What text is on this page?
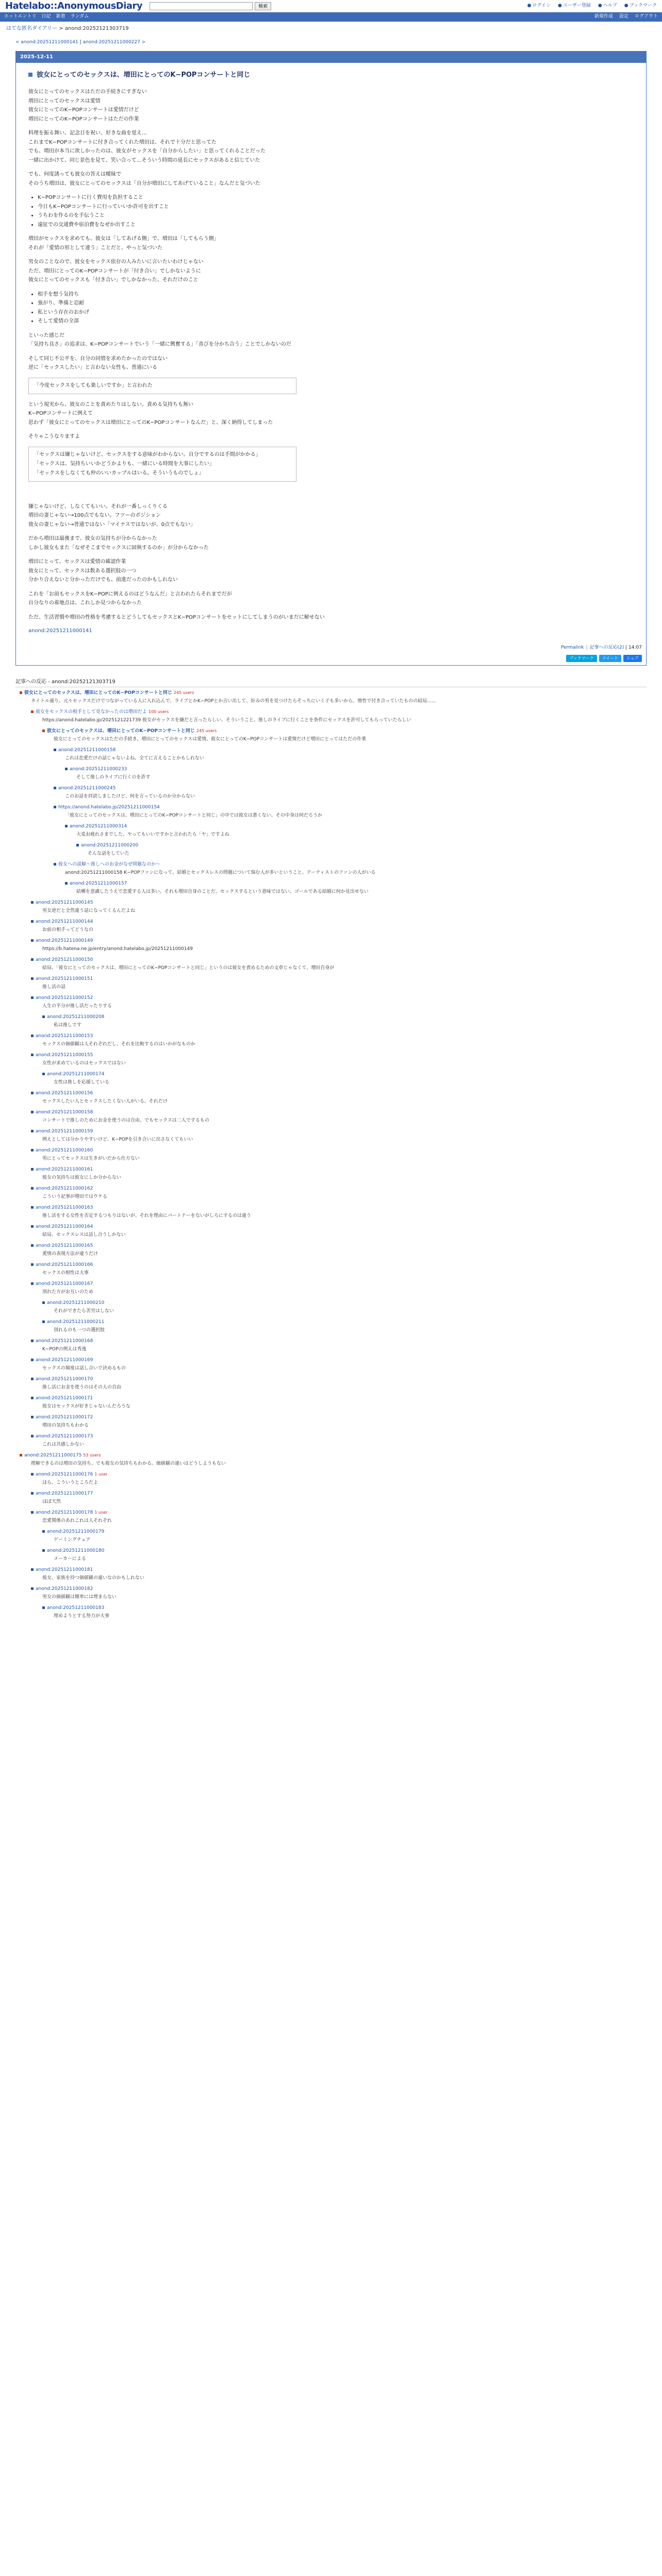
Hatelabo::AnonymousDiary	検索	● ログイン ● ユーザー登録 ● ヘルプ ● ブックマーク
ホットエントリ 日記 新着 ランダム	新規作成 設定 ログアウト
はてな匿名ダイアリー > anond:20252121303719
< anond:20251211000141 | anond:20251211000227 >
2025-12-11
彼女にとってのセックスは、増田にとってのK−POPコンサートと同じ

彼女にとってのセックスはただの手続きにすぎない
増田にとってのセックスは愛情
彼女にとってのK−POPコンサートは愛情だけど
増田にとってのK−POPコンサートはただの作業

料理を振る舞い、記念日を祝い、好きな曲を覚え…
これまでK−POPコンサートに付き合ってくれた増田は、それで十分だと思ってた
でも、増田が本当に欲しかったのは、彼女がセックスを「自分からしたい」と思ってくれることだった
一緒に出かけて、同じ景色を見て、笑い合って…そういう時間の延長にセックスがあると信じていた

でも、何度誘っても彼女の答えは曖昧で
そのうち増田は、彼女にとってのセックスは「自分が増田にしてあげていること」なんだと気づいた

• K−POPコンサートに行く費用を負担すること
• 今日もK−POPコンサートに行っていいか許可を出すこと
• うちわを作るのを手伝うこと
• 遠征での交通費や宿泊費をなぜか出すこと

増田がセックスを求めても、彼女は「してあげる側」で、増田は「してもらう側」
それが「愛情の形として違う」ことだと、やっと気づいた

男女のことなので、彼女をセックス依存の人みたいに言いたいわけじゃない
ただ、増田にとってのK−POPコンサートが「付き合い」でしかないように
彼女にとってのセックスも「付き合い」でしかなかった、それだけのこと

• 相手を想う気持ち
• 強がり、準備と忍耐
• 私という存在のおかげ
• そして愛情の全部

といった感じだ
「気持ち良さ」の追求は、K−POPコンサートでいう「一緒に興奮する」「喜びを分かち合う」ことでしかないのだ

そして同じ不公平を、自分の同情を求めたかったのではない
逆に「セックスしたい」と言わない女性も、普通にいる

「今度セックスをしても楽しいですか」と言われた

という現実から、彼女のことを責めたりはしない。責める気持ちも無い
K−POPコンサートに例えて
思わず「彼女にとってのセックスは増田にとってのK−POPコンサートなんだ」と、深く納得してしまった

そりゃこうなりますよ

「セックスは嫌じゃないけど、セックスをする意味がわからない。自分でするのは手間がかかる」

「セックスは、気持ちいいかどうかよりも、一緒にいる時間を大事にしたい」

「セックスをしなくても仲のいいカップルはいる。そういうものでしょ」

嫌じゃないけど、しなくてもいい。それが一番しっくりくる
増田の妻じゃない→100点でもない。フツーのポジション
彼女の妻じゃない→普通ではない「マイナスではないが、0点でもない」

だから増田は最後まで、彼女の気持ちが分からなかった
しかし彼女もまた「なぜそこまでセックスに固執するのか」が分からなかった

増田にとって、セックスは愛情の確認作業
彼女にとって、セックスは数ある選択肢の一つ
分かり合えないと分かっただけでも、前進だったのかもしれない

これを「お前もセックスをK−POPに例えるのはどうなんだ」と言われたらそれまでだが
自分なりの着地点は、これしか見つからなかった

ただ、生活習慣や増田の性格を考慮するとどうしてもセックスとK−POPコンサートをセットにしてしまうのがいまだに解せない

anond:20251211000141
Permalink | 記事への反応(2) | 14:07
ブックマーク	ツイート	シェア
記事への反応 - anond:20252121303719
彼女にとってのセックスは、増田にとってのK−POPコンサートと同じ 245 users
タイトル通り。元々セックスだけでつながっている人に入れ込んで、ライブとかK−POPとか言い出して、好みの男を見つけたらそっちにいく子も多いから、惰性で付き合っていたものの結局……
彼女をセックスの相手として見なかったのは増田だよ 100 users
https://anond.hatelabo.jp/2025121221739 彼女がセックスを嫌だと言ったらしい、そういうこと。推しのライブに行くことを条件にセックスを許可してもらっていたらしい
彼女にとってのセックスは、増田にとってのK−POPコンサートと同じ 245 users
彼女にとってのセックスはただの手続き、増田にとってのセックスは愛情。彼女にとってのK−POPコンサートは愛情だけど増田にとってはただの作業
anond:20251211000158
これは恋愛だけの話じゃないよね。全てに言えることかもしれない
anond:20251211000233
そして推しのライブに行くのを許す
anond:20251211000245
このお話を拝読しましたけど、何を言っているのか分からない
https://anond.hatelabo.jp/20251211000154
「彼女にとってのセックスは、増田にとってのK−POPコンサートと同じ」の中では彼女は悪くない。その中身は何だろうか
anond:20251211000314
大変お疲れさまでした。ヤってもいいですかと言われたら「ヤ」ですよね
anond:20251211000200
そんな話をしていた
彼女への誤解〜推しへのお金がなぜ問題なのか〜
anond:20251211000158 K−POPファンになって、結婚とセックスレスの問題について悩む人が多いということ。アーティストのファンの人がいる
anond:20251211000157
結構を意識したうえで恋愛する人は多い。それも増田自身のことだ。セックスするという意味ではない。ゴールである結婚に何か見出せない
anond:20251211000145
男女逆だと全然違う話になってくるんだよね
anond:20251211000144
お前の相手ってどうなの
anond:20251211000149
https://b.hatena.ne.jp/entry/anond.hatelabo.jp/20251211000149
anond:20251211000150
結局、「彼女にとってのセックスは、増田にとってのK−POPコンサートと同じ」というのは彼女を責めるための文章じゃなくて、増田自身が
anond:20251211000151
推し活の話
anond:20251211000152
人生の半分が推し活だったりする
anond:20251211000208
私は推しです
anond:20251211000153
セックスの価値観は人それぞれだし、それを比較するのはいかがなものか
anond:20251211000155
女性が求めているのはセックスではない
anond:20251211000174
女性は推しを応援している
anond:20251211000156
セックスしたい人とセックスしたくない人がいる。それだけ
anond:20251211000158
コンサートで推しのためにお金を使うのは自由、でもセックスは二人でするもの
anond:20251211000159
例えとしては分かりやすいけど、K−POPを引き合いに出さなくてもいい
anond:20251211000160
男にとってセックスは生きがいだから仕方ない
anond:20251211000161
彼女の気持ちは彼女にしか分からない
anond:20251211000162
こういう記事が増田ではウケる
anond:20251211000163
推し活をする女性を否定するつもりはないが、それを理由にパートナーをないがしろにするのは違う
anond:20251211000164
結局、セックスレスは話し合うしかない
anond:20251211000165
愛情の表現方法が違うだけ
anond:20251211000166
セックスの相性は大事
anond:20251211000167
別れた方がお互いのため
anond:20251211000210
それができたら苦労はしない
anond:20251211000211
別れるのも一つの選択肢
anond:20251211000168
K−POPの例えは秀逸
anond:20251211000169
セックスの頻度は話し合いで決めるもの
anond:20251211000170
推し活にお金を使うのはその人の自由
anond:20251211000171
彼女はセックスが好きじゃないんだろうな
anond:20251211000172
増田の気持ちもわかる
anond:20251211000173
これは共感しかない
anond:20251211000175 53 users
理解できるのは増田の気持ち、でも彼女の気持ちもわかる。価値観の違いはどうしようもない
anond:20251211000176 1 user
ほら、こういうところだよ
anond:20251211000177
ほぼ天然
anond:20251211000178 1 user
恋愛関係のあれこれは人それぞれ
anond:20251211000179
ゲーミングチェア
anond:20251211000180
メーカーによる
anond:20251211000181
彼女、家族を持つ価値観の違いなのかもしれない
anond:20251211000182
男女の価値観は簡単には埋まらない
anond:20251211000183
埋めようとする努力が大事
